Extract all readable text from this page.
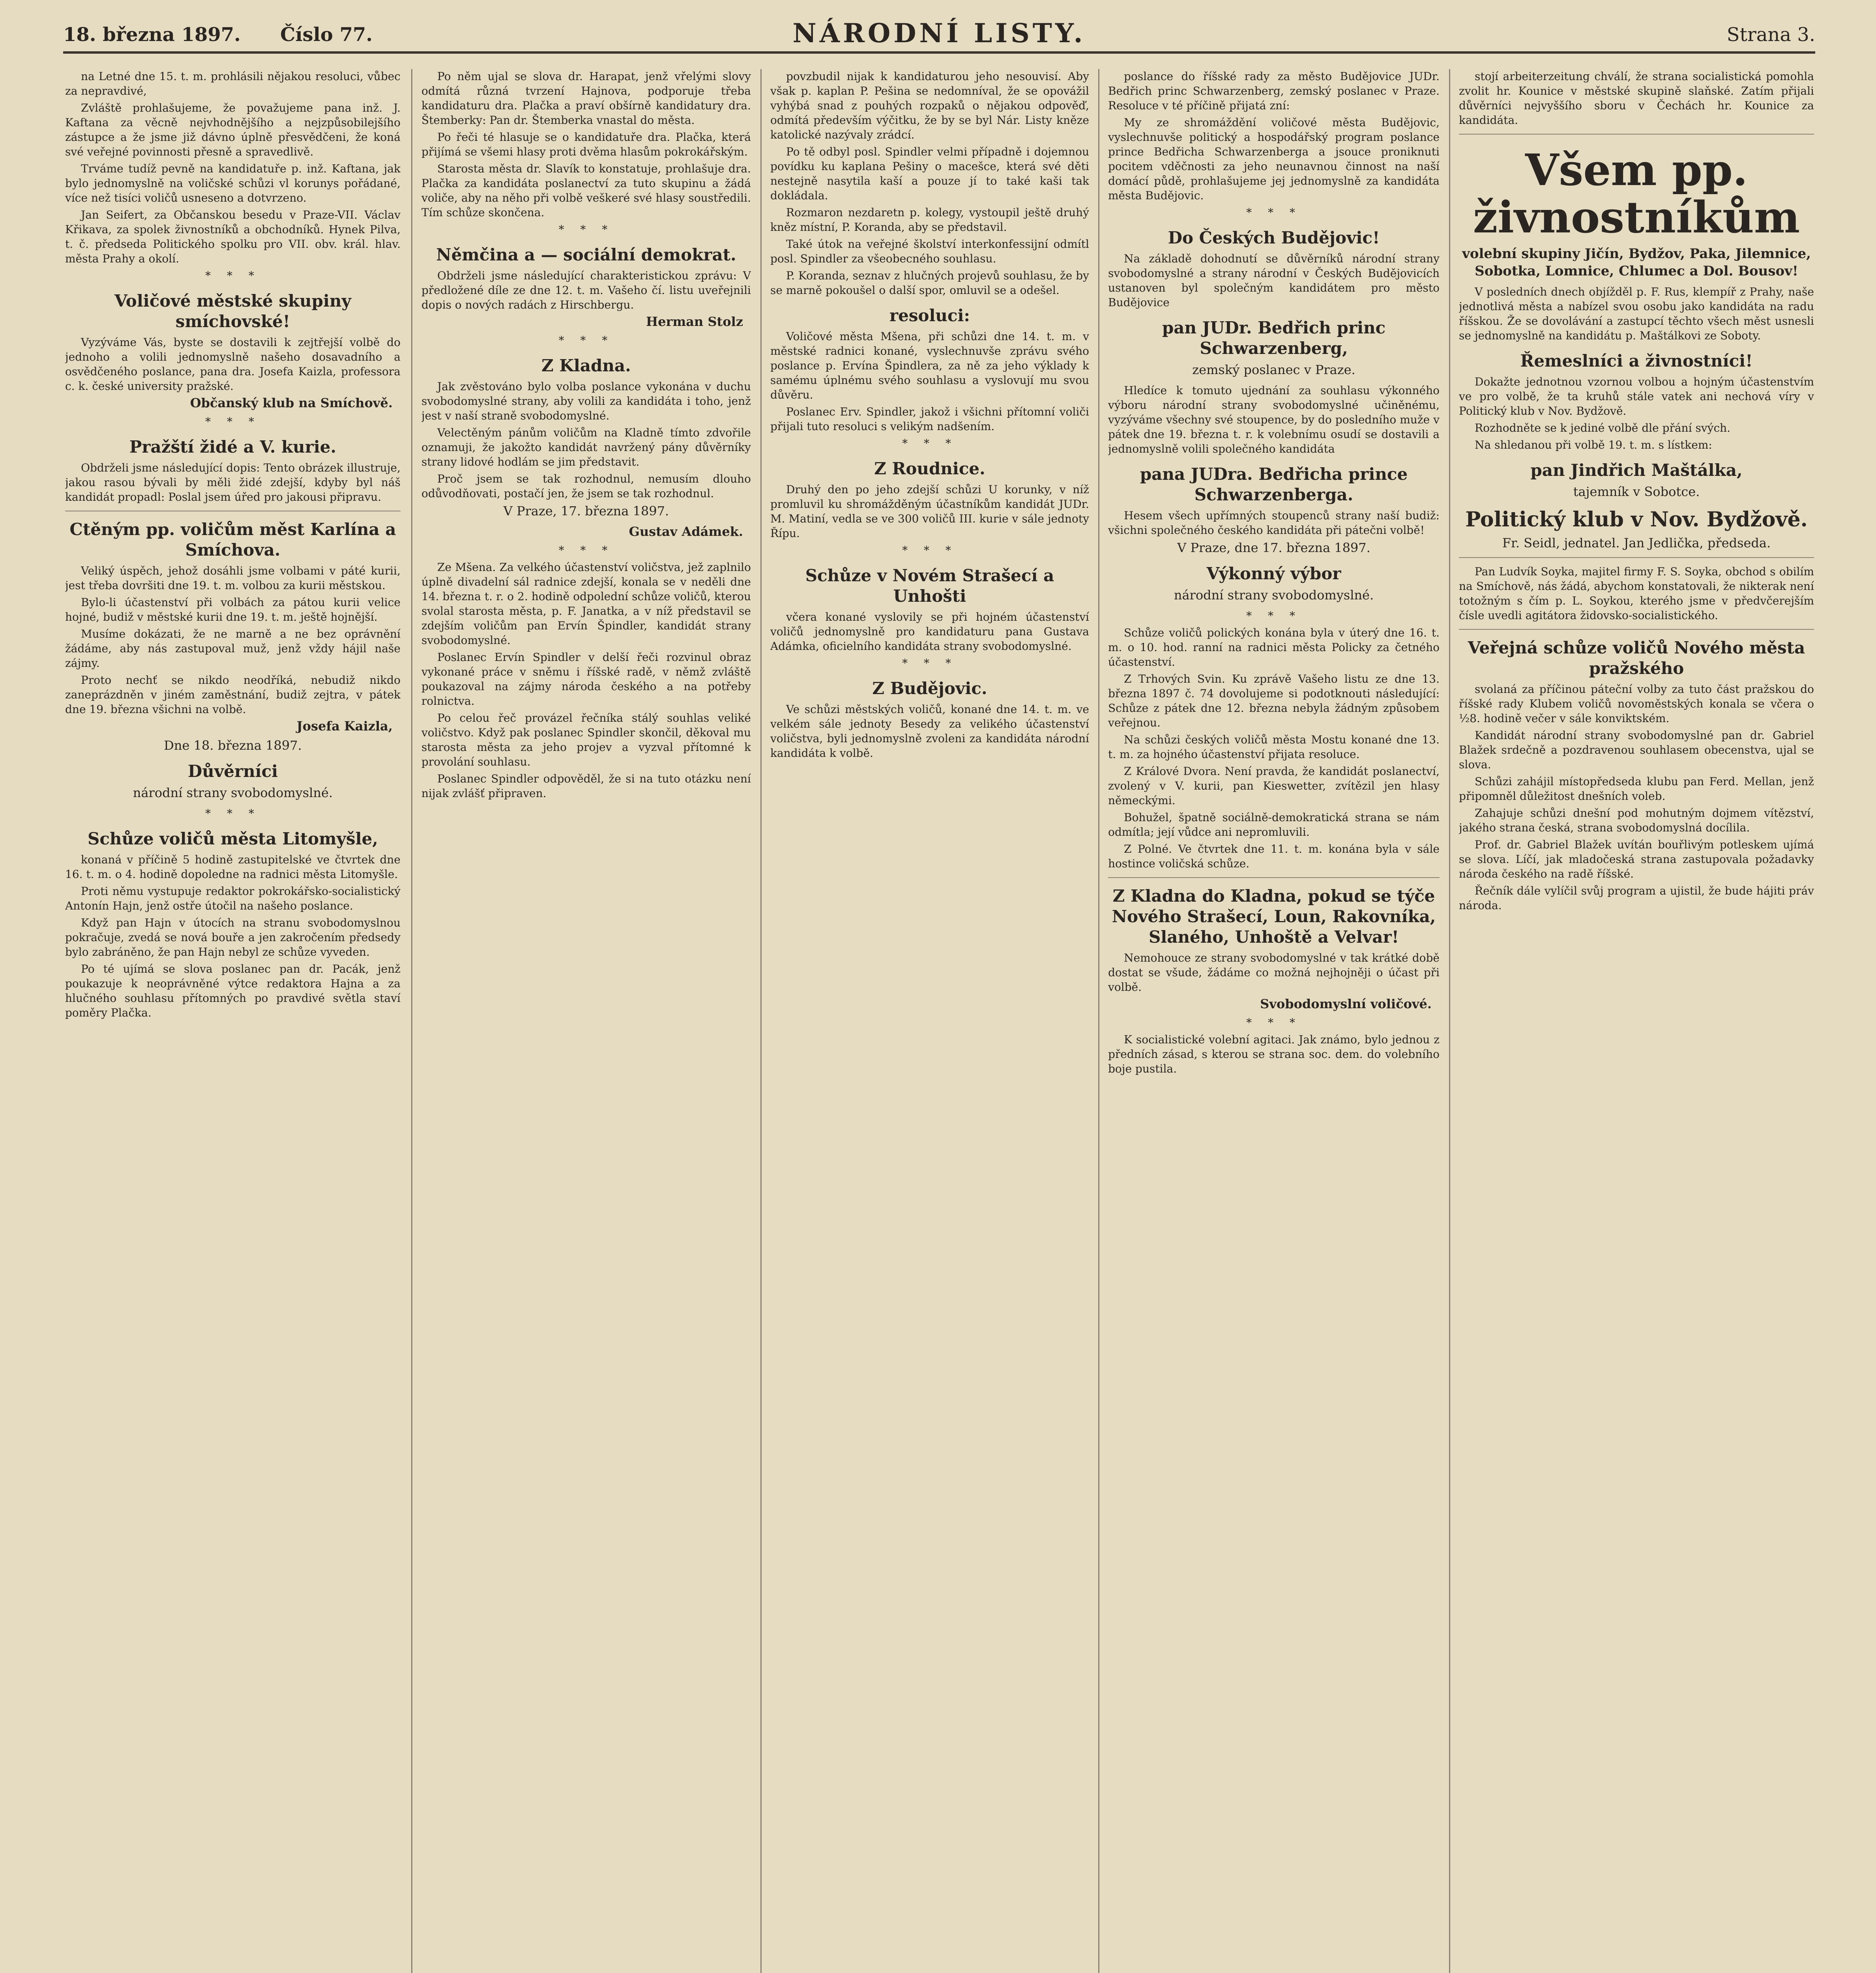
18. března 1897. Číslo 77.	NÁRODNÍ LISTY.	Strana 3.

na Letné dne 15. t. m. prohlásili nějakou resoluci, vůbec za nepravdivé,

Zvláště prohlašujeme, že považujeme pana inž. J. Kaftana za věcně nejvhodnějšího a nejzpůsobilejšího zástupce a že jsme již dávno úplně přesvědčeni, že koná své veřejné povinnosti přesně a spravedlivě.

Trváme tudíž pevně na kandidatuře p. inž. Kaftana, jak bylo jednomyslně na voličské schůzi vl korunys pořádané, více než tisíci voličů usneseno a dotvrzeno.

Jan Seifert, za Občanskou besedu v Praze-VII. Václav Křikava, za spolek živnostníků a obchodníků. Hynek Pilva, t. č. předseda Politického spolku pro VII. obv. král. hlav. města Prahy a okolí.

* * *
Voličové městské skupiny smíchovské!

Vyzýváme Vás, byste se dostavili k zejtřejší volbě do jednoho a volili jednomyslně našeho dosavadního a osvědčeného poslance, pana dra. Josefa Kaizla, professora c. k. české university pražské.

Občanský klub na Smíchově.
* * *
Pražští židé a V. kurie.

Obdrželi jsme následující dopis: Tento obrázek illustruje, jakou rasou bývali by měli židé zdejší, kdyby byl náš kandidát propadl: Poslal jsem úřed pro jakousi připravu.

Ctěným pp. voličům měst Karlína a Smíchova.

Veliký úspěch, jehož dosáhli jsme volbami v páté kurii, jest třeba dovršiti dne 19. t. m. volbou za kurii městskou.

Bylo-li účastenství při volbách za pátou kurii velice hojné, budiž v městské kurii dne 19. t. m. ještě hojnější.

Musíme dokázati, že ne marně a ne bez oprávnění žádáme, aby nás zastupoval muž, jenž vždy hájil naše zájmy.

Proto nechť se nikdo neodříká, nebudiž nikdo zaneprázdněn v jiném zaměstnání, budiž zejtra, v pátek dne 19. března všichni na volbě.

Josefa Kaizla,
Dne 18. března 1897.
Důvěrníci
národní strany svobodomyslné.
* * *
Schůze voličů města Litomyšle,

konaná v příčině 5 hodině zastupitelské ve čtvrtek dne 16. t. m. o 4. hodině dopoledne na radnici města Litomyšle.

Proti němu vystupuje redaktor pokrokářsko-socialistický Antonín Hajn, jenž ostře útočil na našeho poslance.

Když pan Hajn v útocích na stranu svobodomyslnou pokračuje, zvedá se nová bouře a jen zakročením předsedy bylo zabráněno, že pan Hajn nebyl ze schůze vyveden.

Po té ujímá se slova poslanec pan dr. Pacák, jenž poukazuje k neoprávněné výtce redaktora Hajna a za hlučného souhlasu přítomných po pravdivé světla staví poměry Plačka.

Po něm ujal se slova dr. Harapat, jenž vřelými slovy odmítá různá tvrzení Hajnova, podporuje třeba kandidaturu dra. Plačka a praví obšírně kandidatury dra. Štemberky: Pan dr. Štemberka vnastal do města.

Po řeči té hlasuje se o kandidatuře dra. Plačka, která přijímá se všemi hlasy proti dvěma hlasům pokrokářským.

Starosta města dr. Slavík to konstatuje, prohlašuje dra. Plačka za kandidáta poslanectví za tuto skupinu a žádá voliče, aby na něho při volbě veškeré své hlasy soustředili. Tím schůze skončena.

* * *
Němčina a — sociální demokrat.

Obdrželi jsme následující charakteristickou zprávu: V předložené díle ze dne 12. t. m. Vašeho čí. listu uveřejnili dopis o nových radách z Hirschbergu.

Herman Stolz
* * *
Z Kladna.

Jak zvěstováno bylo volba poslance vykonána v duchu svobodomyslné strany, aby volili za kandidáta i toho, jenž jest v naší straně svobodomyslné.

Velectěným pánům voličům na Kladně tímto zdvořile oznamuji, že jakožto kandidát navržený pány důvěrníky strany lidové hodlám se jim představit.

Proč jsem se tak rozhodnul, nemusím dlouho odůvodňovati, postačí jen, že jsem se tak rozhodnul.

V Praze, 17. března 1897.
Gustav Adámek.
* * *

Ze Mšena. Za velkého účastenství voličstva, jež zaplnilo úplně divadelní sál radnice zdejší, konala se v neděli dne 14. března t. r. o 2. hodině odpolední schůze voličů, kterou svolal starosta města, p. F. Janatka, a v níž představil se zdejším voličům pan Ervín Špindler, kandidát strany svobodomyslné.

Poslanec Ervín Spindler v delší řeči rozvinul obraz vykonané práce v sněmu i říšské radě, v němž zvláště poukazoval na zájmy národa českého a na potřeby rolnictva.

Po celou řeč provázel řečníka stálý souhlas veliké voličstvo. Když pak poslanec Spindler skončil, děkoval mu starosta města za jeho projev a vyzval přítomné k provolání souhlasu.

Poslanec Spindler odpověděl, že si na tuto otázku není nijak zvlášť připraven.

povzbudil nijak k kandidaturou jeho nesouvisí. Aby však p. kaplan P. Pešina se nedomníval, že se opovážil vyhýbá snad z pouhých rozpaků o nějakou odpověď, odmítá především výčitku, že by se byl Nár. Listy kněze katolické nazývaly zrádcí.

Po tě odbyl posl. Spindler velmi případně i dojemnou povídku ku kaplana Pešiny o macešce, která své děti nestejně nasytila kaší a pouze jí to také kaši tak dokládala.

Rozmaron nezdaretn p. kolegy, vystoupil ještě druhý kněz místní, P. Koranda, aby se představil.

Také útok na veřejné školství interkonfessijní odmítl posl. Spindler za všeobecného souhlasu.

P. Koranda, seznav z hlučných projevů souhlasu, že by se marně pokoušel o další spor, omluvil se a odešel.

resoluci:

Voličové města Mšena, při schůzi dne 14. t. m. v městské radnici konané, vyslechnuvše zprávu svého poslance p. Ervína Špindlera, za ně za jeho výklady k samému úplnému svého souhlasu a vyslovují mu svou důvěru.

Poslanec Erv. Spindler, jakož i všichni přítomní voliči přijali tuto resoluci s velikým nadšením.

* * *
Z Roudnice.

Druhý den po jeho zdejší schůzi U korunky, v níž promluvil ku shromážděným účastníkům kandidát JUDr. M. Matiní, vedla se ve 300 voličů III. kurie v sále jednoty Řípu.

* * *
Schůze v Novém Strašecí a Unhošti

včera konané vyslovily se při hojném účastenství voličů jednomyslně pro kandidaturu pana Gustava Adámka, oficielního kandidáta strany svobodomyslné.

* * *
Z Budějovic.

Ve schůzi městských voličů, konané dne 14. t. m. ve velkém sále jednoty Besedy za velikého účastenství voličstva, byli jednomyslně zvoleni za kandidáta národní kandidáta k volbě.

poslance do říšské rady za město Budějovice JUDr. Bedřich princ Schwarzenberg, zemský poslanec v Praze. Resoluce v té příčině přijatá zní:

My ze shromáždění voličové města Budějovic, vyslechnuvše politický a hospodářský program poslance prince Bedřicha Schwarzenberga a jsouce proniknuti pocitem vděčnosti za jeho neunavnou činnost na naší domácí půdě, prohlašujeme jej jednomyslně za kandidáta města Budějovic.

* * *
Do Českých Budějovic!

Na základě dohodnutí se důvěrníků národní strany svobodomyslné a strany národní v Českých Budějovicích ustanoven byl společným kandidátem pro město Budějovice

pan JUDr. Bedřich princ Schwarzenberg,
zemský poslanec v Praze.

Hledíce k tomuto ujednání za souhlasu výkonného výboru národní strany svobodomyslné učiněnému, vyzýváme všechny své stoupence, by do posledního muže v pátek dne 19. března t. r. k volebnímu osudí se dostavili a jednomyslně volili společného kandidáta

pana JUDra. Bedřicha prince Schwarzenberga.

Hesem všech upřímných stoupenců strany naší budiž: všichni společného českého kandidáta při pátečni volbě!

V Praze, dne 17. března 1897.
Výkonný výbor
národní strany svobodomyslné.
* * *

Schůze voličů polických konána byla v úterý dne 16. t. m. o 10. hod. ranní na radnici města Policky za četného účastenství.

Z Trhových Svin. Ku zprávě Vašeho listu ze dne 13. března 1897 č. 74 dovolujeme si podotknouti následující: Schůze z pátek dne 12. března nebyla žádným způsobem veřejnou.

Na schůzi českých voličů města Mostu konané dne 13. t. m. za hojného účastenství přijata resoluce.

Z Králové Dvora. Není pravda, že kandidát poslanectví, zvolený v V. kurii, pan Kieswetter, zvítězil jen hlasy německými.

Bohužel, špatně sociálně-demokratická strana se nám odmítla; její vůdce ani nepromluvili.

Z Polné. Ve čtvrtek dne 11. t. m. konána byla v sále hostince voličská schůze.

Z Kladna do Kladna, pokud se týče Nového Strašecí, Loun, Rakovníka, Slaného, Unhoště a Velvar!

Nemohouce ze strany svobodomyslné v tak krátké době dostat se všude, žádáme co možná nejhojněji o účast při volbě.

Svobodomyslní voličové.
* * *

K socialistické volební agitaci. Jak známo, bylo jednou z předních zásad, s kterou se strana soc. dem. do volebního boje pustila.

stojí arbeiterzeitung chválí, že strana socialistická pomohla zvolit hr. Kounice v městské skupině slaňské. Zatím přijali důvěrníci nejvyššího sboru v Čechách hr. Kounice za kandidáta.

Všem pp. živnostníkům
volební skupiny Jičín, Bydžov, Paka, Jilemnice, Sobotka, Lomnice, Chlumec a Dol. Bousov!

V posledních dnech objížděl p. F. Rus, klempíř z Prahy, naše jednotlivá města a nabízel svou osobu jako kandidáta na radu říšskou. Že se dovolávání a zastupcí těchto všech měst usnesli se jednomyslně na kandidátu p. Maštálkovi ze Soboty.

Řemeslníci a živnostníci!

Dokažte jednotnou vzornou volbou a hojným účastenstvím ve pro volbě, že ta kruhů stále vatek ani nechová víry v Politický klub v Nov. Bydžově.

Rozhodněte se k jediné volbě dle přání svých.

Na shledanou při volbě 19. t. m. s lístkem:

pan Jindřich Maštálka,
tajemník v Sobotce.
Politický klub v Nov. Bydžově.
Fr. Seidl, jednatel. Jan Jedlička, předseda.

Pan Ludvík Soyka, majitel firmy F. S. Soyka, obchod s obilím na Smíchově, nás žádá, abychom konstatovali, že nikterak není totožným s čím p. L. Soykou, kterého jsme v předvčerejším čísle uvedli agitátora židovsko-socialistického.

Veřejná schůze voličů Nového města pražského

svolaná za příčinou páteční volby za tuto část pražskou do říšské rady Klubem voličů novoměstských konala se včera o ½8. hodině večer v sále konviktském.

Kandidát národní strany svobodomyslné pan dr. Gabriel Blažek srdečně a pozdravenou souhlasem obecenstva, ujal se slova.

Schůzi zahájil místopředseda klubu pan Ferd. Mellan, jenž připomněl důležitost dnešních voleb.

Zahajuje schůzi dnešní pod mohutným dojmem vítězství, jakého strana česká, strana svobodomyslná docílila.

Prof. dr. Gabriel Blažek uvítán bouřlivým potleskem ujímá se slova. Líčí, jak mladočeská strana zastupovala požadavky národa českého na radě říšské.

Řečník dále vylíčil svůj program a ujistil, že bude hájiti práv národa.
